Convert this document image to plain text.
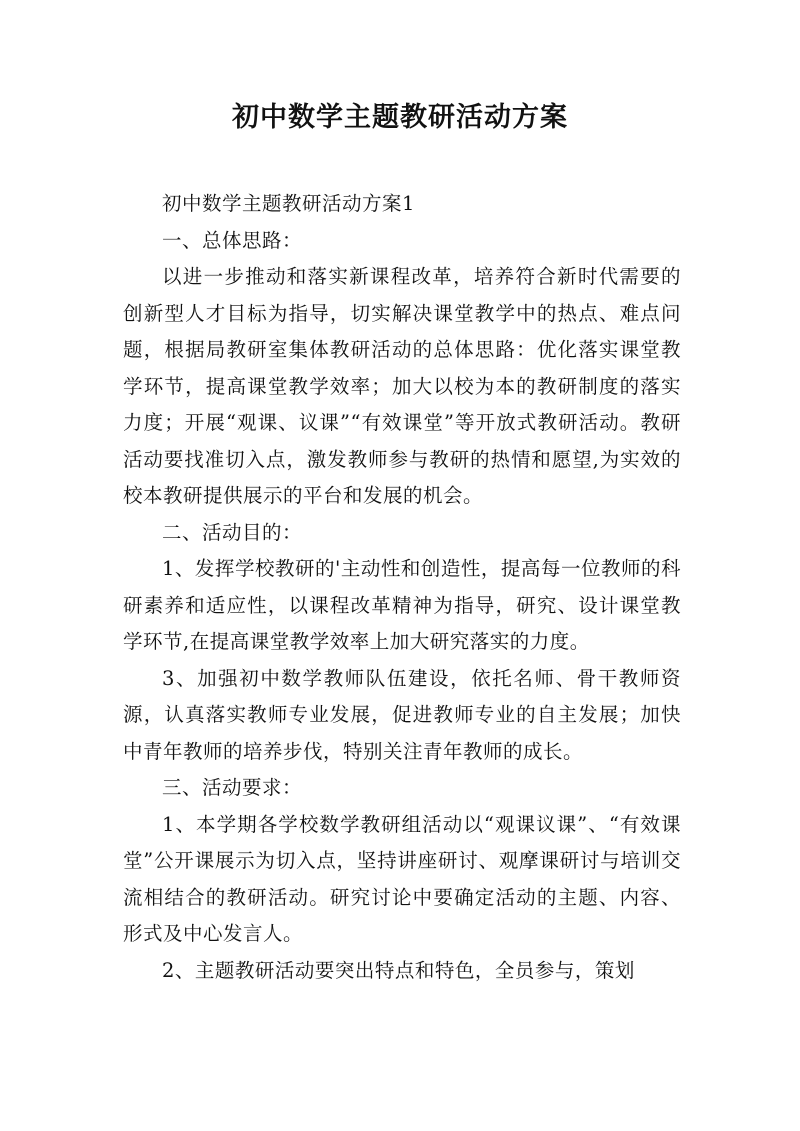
初中数学主题教研活动方案

初中数学主题教研活动方案1

一、总体思路：

以进一步推动和落实新课程改革，培养符合新时代需要的创新型人才目标为指导，切实解决课堂教学中的热点、难点问题，根据局教研室集体教研活动的总体思路：优化落实课堂教学环节，提高课堂教学效率；加大以校为本的教研制度的落实力度；开展“观课、议课”“有效课堂”等开放式教研活动。教研活动要找准切入点，激发教师参与教研的热情和愿望,为实效的校本教研提供展示的平台和发展的机会。

二、活动目的：

1、发挥学校教研的'主动性和创造性，提高每一位教师的科研素养和适应性，以课程改革精神为指导，研究、设计课堂教学环节,在提高课堂教学效率上加大研究落实的力度。

3、加强初中数学教师队伍建设，依托名师、骨干教师资源，认真落实教师专业发展，促进教师专业的自主发展；加快中青年教师的培养步伐，特别关注青年教师的成长。

三、活动要求：

1、本学期各学校数学教研组活动以“观课议课”、“有效课堂”公开课展示为切入点，坚持讲座研讨、观摩课研讨与培训交流相结合的教研活动。研究讨论中要确定活动的主题、内容、形式及中心发言人。

2、主题教研活动要突出特点和特色，全员参与，策划
